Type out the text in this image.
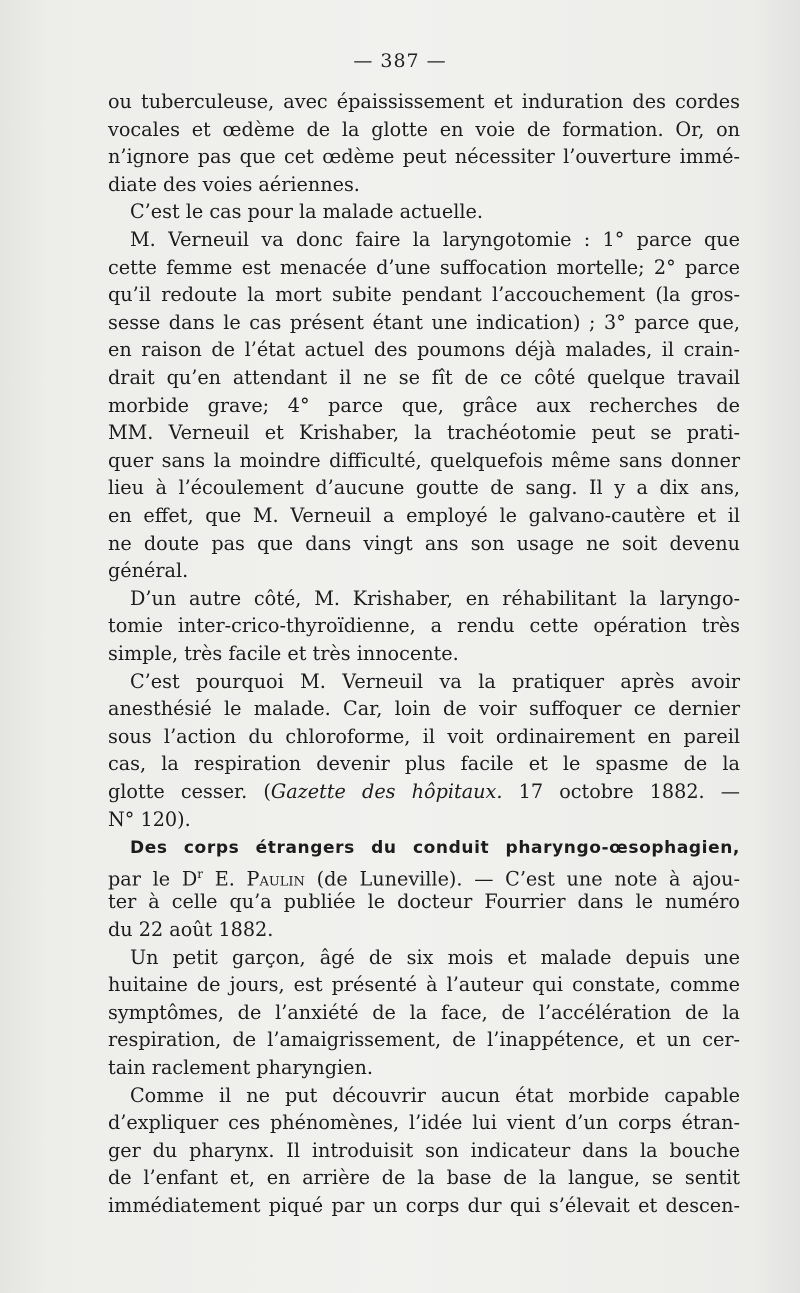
— 387 —
ou tuberculeuse, avec épaississement et induration des cordes
vocales et œdème de la glotte en voie de formation. Or, on
n’ignore pas que cet œdème peut nécessiter l’ouverture immé-
diate des voies aériennes.
C’est le cas pour la malade actuelle.
M. Verneuil va donc faire la laryngotomie : 1° parce que
cette femme est menacée d’une suffocation mortelle; 2° parce
qu’il redoute la mort subite pendant l’accouchement (la gros-
sesse dans le cas présent étant une indication) ; 3° parce que,
en raison de l’état actuel des poumons déjà malades, il crain-
drait qu’en attendant il ne se fît de ce côté quelque travail
morbide grave; 4° parce que, grâce aux recherches de
MM. Verneuil et Krishaber, la trachéotomie peut se prati-
quer sans la moindre difficulté, quelquefois même sans donner
lieu à l’écoulement d’aucune goutte de sang. Il y a dix ans,
en effet, que M. Verneuil a employé le galvano-cautère et il
ne doute pas que dans vingt ans son usage ne soit devenu
général.
D’un autre côté, M. Krishaber, en réhabilitant la laryngo-
tomie inter-crico-thyroïdienne, a rendu cette opération très
simple, très facile et très innocente.
C’est pourquoi M. Verneuil va la pratiquer après avoir
anesthésié le malade. Car, loin de voir suffoquer ce dernier
sous l’action du chloroforme, il voit ordinairement en pareil
cas, la respiration devenir plus facile et le spasme de la
glotte cesser. (Gazette des hôpitaux. 17 octobre 1882. —
N° 120).
Des corps étrangers du conduit pharyngo-œsophagien,
par le $D^r$ E. Paulin (de Luneville). — C’est une note à ajou-
ter à celle qu’a publiée le docteur Fourrier dans le numéro
du 22 août 1882.
Un petit garçon, âgé de six mois et malade depuis une
huitaine de jours, est présenté à l’auteur qui constate, comme
symptômes, de l’anxiété de la face, de l’accélération de la
respiration, de l’amaigrissement, de l’inappétence, et un cer-
tain raclement pharyngien.
Comme il ne put découvrir aucun état morbide capable
d’expliquer ces phénomènes, l’idée lui vient d’un corps étran-
ger du pharynx. Il introduisit son indicateur dans la bouche
de l’enfant et, en arrière de la base de la langue, se sentit
immédiatement piqué par un corps dur qui s’élevait et descen-
